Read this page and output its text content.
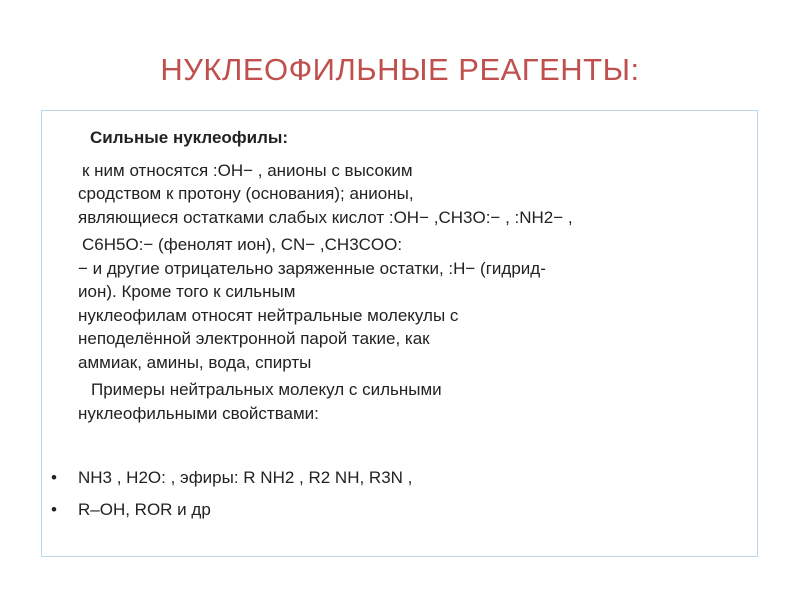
НУКЛЕОФИЛЬНЫЕ РЕАГЕНТЫ:
Сильные нуклеофилы:
к ним относятся :OH− , анионы с высоким
сродством к протону (основания); анионы,
являющиеся остатками слабых кислот :OH− ,CH3O:− , :NH2− ,
C6H5O:− (фенолят ион), CN− ,CH3COO:
− и другие отрицательно заряженные остатки, :H− (гидрид-
ион). Кроме того к сильным
нуклеофилам относят нейтральные молекулы с
неподелённой электронной парой такие, как
аммиак, амины, вода, спирты
Примеры нейтральных молекул с сильными
нуклеофильными свойствами:
• NH3 , H2O: , эфиры: R NH2 , R2 NH, R3N ,
• R–OH, ROR и др
